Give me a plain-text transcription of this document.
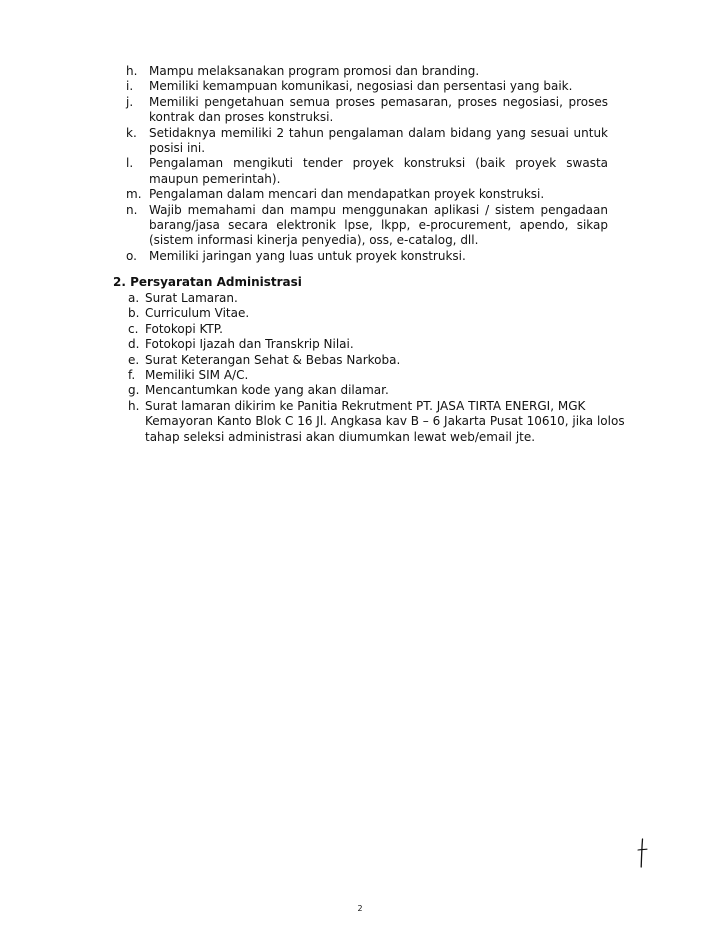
h. Mampu melaksanakan program promosi dan branding.
i.	Memiliki kemampuan komunikasi, negosiasi dan persentasi yang baik.
j.	Memiliki pengetahuan semua proses pemasaran, proses negosiasi, proses kontrak dan proses konstruksi.
k.	Setidaknya memiliki 2 tahun pengalaman dalam bidang yang sesuai untuk posisi ini.
l.	Pengalaman mengikuti tender proyek konstruksi (baik proyek swasta maupun pemerintah).
m. Pengalaman dalam mencari dan mendapatkan proyek konstruksi.
n. Wajib memahami dan mampu menggunakan aplikasi / sistem pengadaan barang/jasa secara elektronik lpse, lkpp, e-procurement, apendo, sikap (sistem informasi kinerja penyedia), oss, e-catalog, dll.
o.	Memiliki jaringan yang luas untuk proyek konstruksi.
2. Persyaratan Administrasi
a. Surat Lamaran.
b. Curriculum Vitae.
c. Fotokopi KTP.
d. Fotokopi Ijazah dan Transkrip Nilai.
e. Surat Keterangan Sehat & Bebas Narkoba.
f. Memiliki SIM A/C.
g. Mencantumkan kode yang akan dilamar.
h. Surat lamaran dikirim ke Panitia Rekrutment PT. JASA TIRTA ENERGI, MGK Kemayoran Kanto Blok C 16 Jl. Angkasa kav B – 6 Jakarta Pusat 10610, jika lolos tahap seleksi administrasi akan diumumkan lewat web/email jte.
2
